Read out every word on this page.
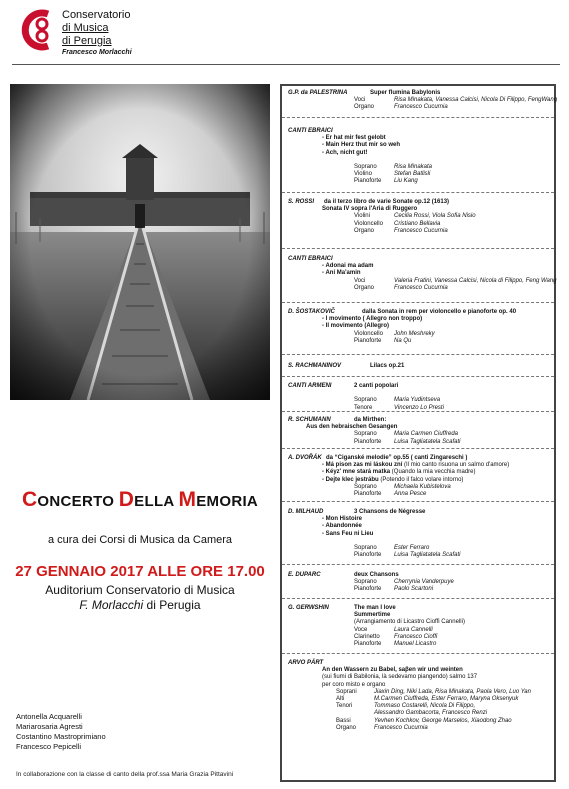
Conservatorio
di Musica
di Perugia
Francesco Morlacchi
CONCERTO DELLA MEMORIA
a cura dei Corsi di Musica da Camera
27 GENNAIO 2017 ALLE ORE 17.00
Auditorium Conservatorio di Musica
F. Morlacchi di Perugia
Antonella Acquarelli
Mariarosaria Agresti
Costantino Mastroprimiano
Francesco Pepicelli
In collaborazione con la classe di canto della prof.ssa Maria Grazia Pittavini
G.P. da PALESTRINA	Super flumina Babylonis
Voci	Risa Minakata, Vanessa Calcisi, Nicola Di Filippo, FengWang
Organo	Francesco Cucurnia
CANTI EBRAICI
- Er hat mir fest gelobt
- Main Herz thut mir so weh
- Ach, nicht gut!
Soprano	Risa Minakata
Violino	Stefan Batlisli
Pianoforte Liu Kang
S. ROSSI da il terzo libro de varie Sonate op.12 (1613)
Sonata IV sopra l'Aria di Ruggero
Violini	Cecilia Rossi, Viola Sofia Nisio
Violoncello Cristiano Bellavia
Organo	Francesco Cucurnia
CANTI EBRAICI
- Adonai ma adam
- Ani Ma'amin
Voci	Valeria Fratini, Vanessa Calcisi, Nicola di Filippo, Feng Wang
Organo	Francesco Cucurnia
D. ŠOSTAKOVIČ	dalla Sonata in rem per violoncello e pianoforte op. 40
- I movimento ( Allegro non troppo)
- II movimento (Allegro)
Violoncello John Meshreky
Pianoforte Na Qu
S. RACHMANINOV	Lilacs op.21
CANTI ARMENI	2 canti popolari
Soprano	Maria Yudintseva
Tenore	Vincenzo Lo Presti
R. SCHUMANN	da Mirthen:
Aus den hebraischen Gesangen
Soprano	Maria Carmen Ciuffreda
Pianoforte Luisa Tagliatatela Scafati
A. DVOŘÁK da “Ciganské melodie” op.55 ( canti Zingareschi )
- Má pison zas mi láskou zní (Il mio canto risuona un salmo d'amore)
- Kéyz' mne stará matka (Quando la mia vecchia madre)
- Dejte klec jestrábu (Potendo il falco volare intorno)
Soprano	Michaela Kubistelova
Pianoforte Anna Pesce
D. MILHAUD	3 Chansons de Négresse
- Mon Histoire
- Abandonnée
- Sans Feu ni Lieu
Soprano	Ester Ferraro
Pianoforte Luisa Tagliatatela Scafati
E. DUPARC	deux Chansons
Soprano	Cherrynia Vanderpuye
Pianoforte Paolo Scartoni
G. GERWSHIN	The man I love
Summertime
(Arrangiamento di Licastro Cioffi Cannelli)
Voce	Laura Cannelli
Clarinetto Francesco Cioffi
Pianoforte Manuel Licastro
ARVO PÄRT
An den Wassern zu Babel, saβen wir und weinten
(sui fiumi di Babilonia, là sedevamo piangendo) salmo 137
per coro misto e organo
Soprani	Jiaxin Ding, Niki Lada, Risa Minakata, Paola Vero, Luo Yan
Alti	M.Carmen Ciuffreda, Ester Ferraro, Maryna Oksenyuk
Tenori	Tommaso Costarelli, Nicola Di Filippo,
Alessandro Gambacorta, Francesco Renzi
Bassi	Yevhen Kochkov, George Marselos, Xiaodong Zhao
Organo	Francesco Cucurnia
